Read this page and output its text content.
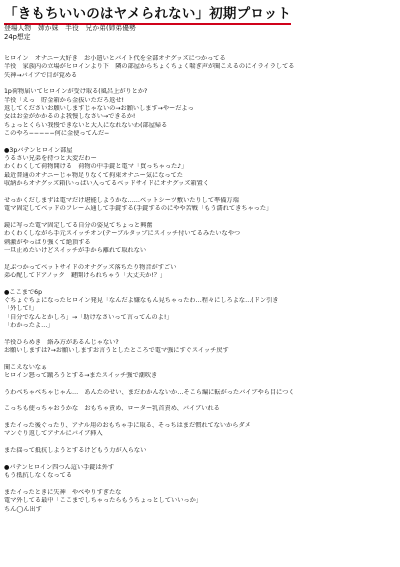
「きもちいいのはヤメられない」初期プロット
登場人物　姉か妹　半役　兄か弟(姉弟優勢
24p想定
ヒロイン　オナニー大好き　お小遣いとバイト代を全部オナグッズにつかってる
半役　家族内の立場がヒロインより下　隣の部屋からちょくちょく喘ぎ声が聞こえるのにイライラしてる
失神→バイブで目が覚める
1p荷物届いてヒロインが受け取る(風呂上がりとか?
半役「えっ　貯金箱から金抜いただろ返せ!
返してくださいお願いしますじゃないの→お願いします→やーだよっ
女はお金がかかるのよ我慢しなさい→できるか!
ちょっとくらい我慢できないと大人になれないわ(部屋帰る
このやろ−−−−−何に金使ってんだ−
●3pバテンヒロイン部屋
うるさい兄弟を持つと大変だわー
わくわくして荷物開ける　荷物の中手錠と電マ「買っちゃった♪」
最近普通のオナニーじゃ物足りなくて拘束オナニー気になってた
収納からオナグッズ箱(いっぱい入ってるベッドサイドにオナグッズ箱置く
せっかくだしまずは電マだけ堪能しようかな……ベットシーツ敷いたりして準備万端
電マ固定してベッドのフレーム通して手錠する(手錠するのにやや苦戦「もう濡れてきちゃった」
鏡に写った電マ固定してる自分の姿見てちょっと興奮
わくわくしながら手元スイッチオン(テーブルタップにスイッチ付いてるみたいなやつ
刺激がやっぱり強くて絶頂する
一旦止めたいけどスイッチが手から離れて取れない
足ぶつかってベットサイドのオナグッズ落ちたり物音がすごい
弟心配してドアノック　鍵開けられちゃう「大丈夫か!？」
●ここまで6p
ぐちょぐちょになったヒロイン発見「なんだよ嫌なもん見ちゃったわ…程々にしろよな…(ドン引き
「外して!」
「自分でなんとかしろ」→「助けなさいって言ってんのよ!」
「わかったよ…」
半役ひらめき　絡み方があるんじゃない?
お願いしますは?→お願いしますお言うとしたところで電マ強にすぐスイッチ戻す
聞こえないなぁ
ヒロイン怒って蹴ろうとする→またスイッチ強で潮吹き
うわべちゃべちゃじゃん…　あんたのせい、まだわかんないか…そこら編に転がったバイブやら目につく
こっちも使っちゃおうかな　おもちゃ責め、ローター乳首責め、バイブいれる
またイった後ぐったり、アナル用のおもちゃ手に取る、そっちはまだ慣れてないからダメ
マンぐり返してアナルにバイブ挿入
また揺って抵抗しようとするけどもう力が入らない
●パテンヒロイン四つん這い手錠は外す
もう抵抗しなくなってる
またイったときに失神　やべやりすぎたな
電マ外してる最中「ここまでしちゃったらもうちょっとしていいっか」
ちん◯ん出す
